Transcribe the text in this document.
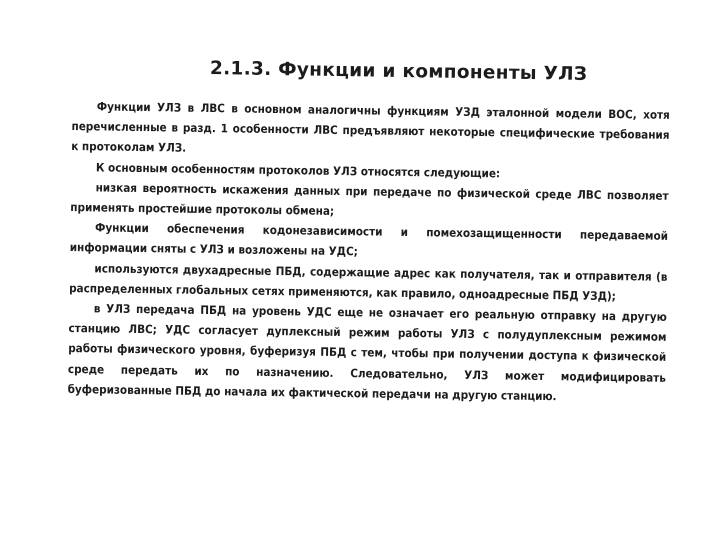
2.1.3. Функции и компоненты УЛЗ

Функции УЛЗ в ЛВС в основном аналогичны функциям УЗД эталонной модели ВОС, хотя перечисленные в разд. 1 особенности ЛВС предъявляют некоторые специфические требования к протоколам УЛЗ.

К основным особенностям протоколов УЛЗ относятся следующие:

низкая вероятность искажения данных при передаче по физической среде ЛВС позволяет применять простейшие протоколы обмена;

Функции обеспечения кодонезависимости и помехозащищенности передаваемой информации сняты с УЛЗ и возложены на УДС;

используются двухадресные ПБД, содержащие адрес как получателя, так и отправителя (в распределенных глобальных сетях применяются, как правило, одноадресные ПБД УЗД);

в УЛЗ передача ПБД на уровень УДС еще не означает его реальную отправку на другую станцию ЛВС; УДС согласует дуплексный режим работы УЛЗ с полудуплексным режимом работы физического уровня, буферизуя ПБД с тем, чтобы при получении доступа к физической среде передать их по назначению. Следовательно, УЛЗ может модифицировать буферизованные ПБД до начала их фактической передачи на другую станцию.
